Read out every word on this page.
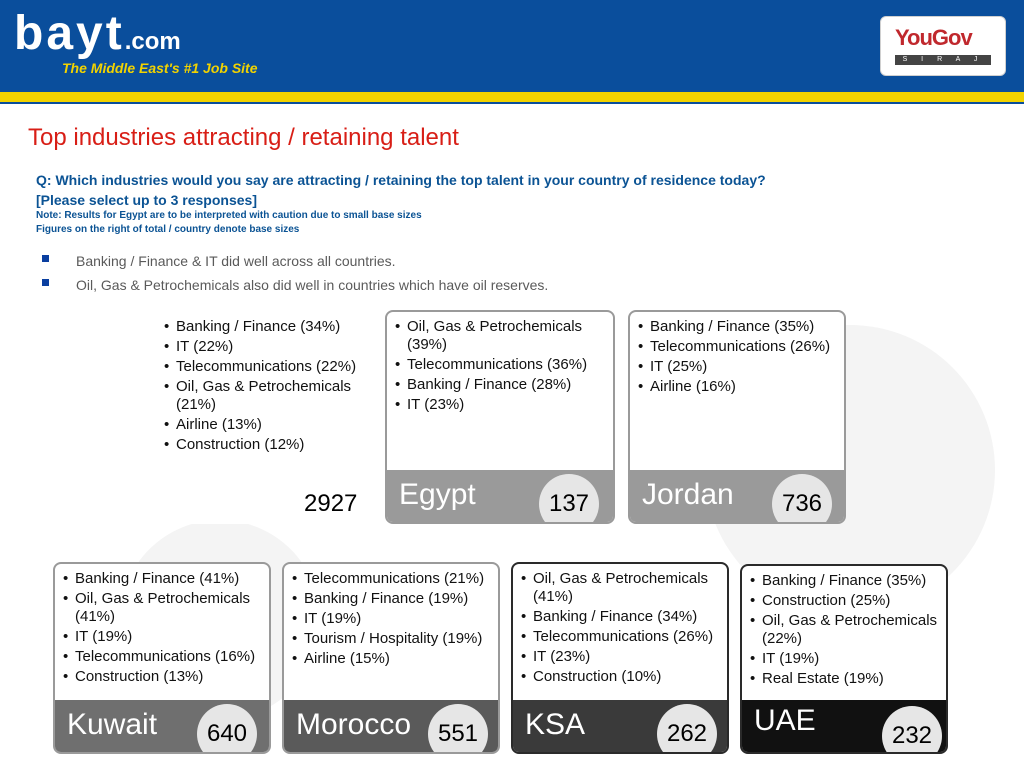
bayt.com
The Middle East's #1 Job Site
YouGov
S I R A J
Top industries attracting / retaining talent
Q: Which industries would you say are attracting / retaining the top talent in your country of residence today?
[Please select up to 3 responses]
Note: Results for Egypt are to be interpreted with caution due to small base sizes
Figures on the right of total / country denote base sizes
Banking / Finance & IT did well across all countries.
Oil, Gas & Petrochemicals also did well in countries which have oil reserves.
• Banking / Finance (34%)
• IT (22%)
• Telecommunications (22%)
• Oil, Gas & Petrochemicals (21%)
• Airline (13%)
• Construction (12%)
2927
• Oil, Gas & Petrochemicals (39%)
• Telecommunications (36%)
• Banking / Finance (28%)
• IT (23%)
Egypt	137
• Banking / Finance (35%)
• Telecommunications (26%)
• IT (25%)
• Airline (16%)
Jordan	736
• Banking / Finance (41%)
• Oil, Gas & Petrochemicals (41%)
• IT (19%)
• Telecommunications (16%)
• Construction (13%)
Kuwait	640
• Telecommunications (21%)
• Banking / Finance (19%)
• IT (19%)
• Tourism / Hospitality (19%)
• Airline (15%)
Morocco	551
• Oil, Gas & Petrochemicals (41%)
• Banking / Finance (34%)
• Telecommunications (26%)
• IT (23%)
• Construction (10%)
KSA	262
• Banking / Finance (35%)
• Construction (25%)
• Oil, Gas & Petrochemicals (22%)
• IT (19%)
• Real Estate (19%)
UAE	232
